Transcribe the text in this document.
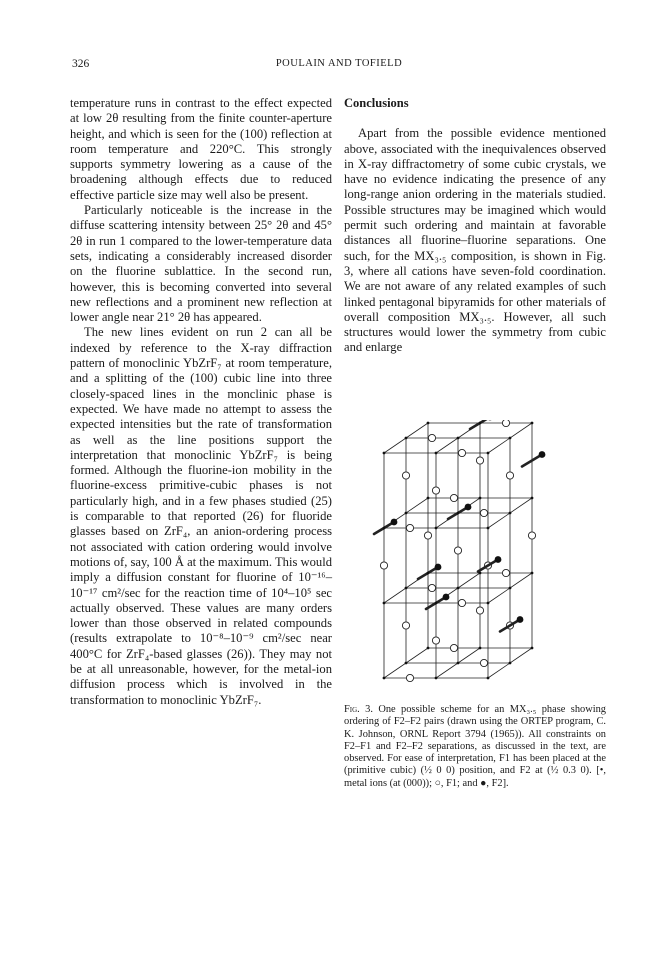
326	POULAIN AND TOFIELD

temperature runs in contrast to the effect expected at low 2θ resulting from the finite counter-aperture height, and which is seen for the (100) reflection at room temperature and 220°C. This strongly supports symmetry lowering as a cause of the broadening although effects due to reduced effective particle size may well also be present.

Particularly noticeable is the increase in the diffuse scattering intensity between 25° 2θ and 45° 2θ in run 1 compared to the lower-temperature data sets, indicating a considerably increased disorder on the fluorine sublattice. In the second run, however, this is becoming converted into several new reflections and a prominent new reflection at lower angle near 21° 2θ has appeared.

The new lines evident on run 2 can all be indexed by reference to the X-ray diffraction pattern of monoclinic YbZrF₇ at room temperature, and a splitting of the (100) cubic line into three closely-spaced lines in the monclinic phase is expected. We have made no attempt to assess the expected intensities but the rate of transformation as well as the line positions support the interpretation that monoclinic YbZrF₇ is being formed. Although the fluorine-ion mobility in the fluorine-excess primitive-cubic phases is not particularly high, and in a few phases studied (25) is comparable to that reported (26) for fluoride glasses based on ZrF₄, an anion-ordering process not associated with cation ordering would involve motions of, say, 100 Å at the maximum. This would imply a diffusion constant for fluorine of 10⁻¹⁶–10⁻¹⁷ cm²/sec for the reaction time of 10⁴–10⁵ sec actually observed. These values are many orders lower than those observed in related compounds (results extrapolate to 10⁻⁸–10⁻⁹ cm²/sec near 400°C for ZrF₄-based glasses (26)). They may not be at all unreasonable, however, for the metal-ion diffusion process which is involved in the transformation to monoclinic YbZrF₇.

Conclusions

Apart from the possible evidence mentioned above, associated with the inequivalences observed in X-ray diffractometry of some cubic crystals, we have no evidence indicating the presence of any long-range anion ordering in the materials studied. Possible structures may be imagined which would permit such ordering and maintain at favorable distances all fluorine–fluorine separations. One such, for the MX₃.₅ composition, is shown in Fig. 3, where all cations have seven-fold coordination. We are not aware of any related examples of such linked pentagonal bipyramids for other materials of overall composition MX₃.₅. However, all such structures would lower the symmetry from cubic and enlarge

Fig. 3. One possible scheme for an MX₃.₅ phase showing ordering of F2–F2 pairs (drawn using the ORTEP program, C. K. Johnson, ORNL Report 3794 (1965)). All constraints on F2–F1 and F2–F2 separations, as discussed in the text, are observed. For ease of interpretation, F1 has been placed at the (primitive cubic) (½ 0 0) position, and F2 at (½ 0.3 0). [•, metal ions (at (000)); ○, F1; and ●, F2].
